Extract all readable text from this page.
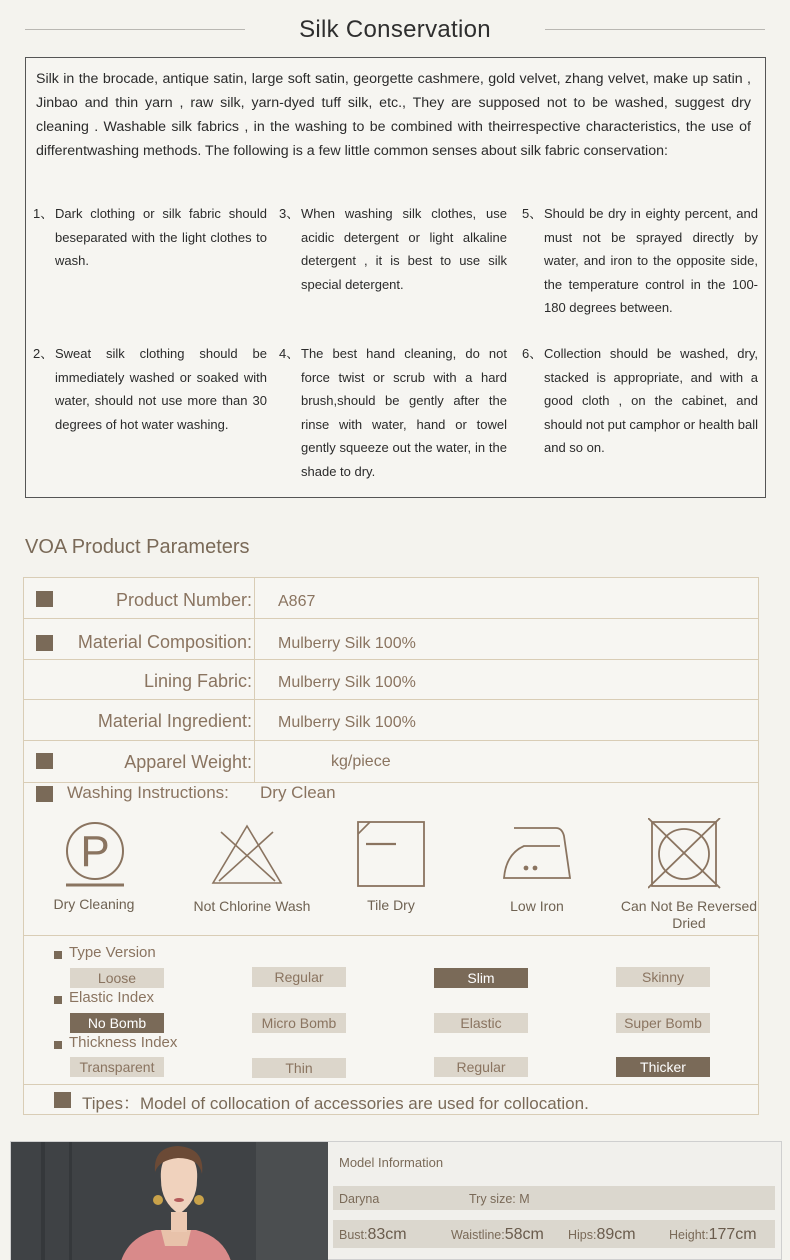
Silk Conservation

Silk in the brocade, antique satin, large soft satin, georgette cashmere, gold velvet, zhang velvet, make up satin , Jinbao and thin yarn , raw silk, yarn-dyed tuff silk, etc., They are supposed not to be washed, suggest dry cleaning . Washable silk fabrics , in the washing to be combined with theirrespective characteristics, the use of differentwashing methods. The following is a few little common senses about silk fabric conservation:

1、 Dark clothing or silk fabric should beseparated with the light clothes to wash.
2、 Sweat silk clothing should be immediately washed or soaked with water, should not use more than 30 degrees of hot water washing.
3、 When washing silk clothes, use acidic detergent or light alkaline detergent , it is best to use silk special detergent.
4、 The best hand cleaning, do not force twist or scrub with a hard brush,should be gently after the rinse with water, hand or towel gently squeeze out the water, in the shade to dry.
5、 Should be dry in eighty percent, and must not be sprayed directly by water, and iron to the opposite side, the temperature control in the 100-180 degrees between.
6、 Collection should be washed, dry, stacked is appropriate, and with a good cloth , on the cabinet, and should not put camphor or health ball and so on.
VOA Product Parameters
Product Number: A867
Material Composition: Mulberry Silk 100%
Lining Fabric: Mulberry Silk 100%
Material Ingredient: Mulberry Silk 100%
Apparel Weight:	kg/piece
Washing Instructions: Dry Clean
P
Dry Cleaning	Not Chlorine Wash	Tile Dry	Low Iron	Can Not Be Reversed Dried
Type Version
Loose	Regular	Slim	Skinny
Elastic Index
No Bomb	Micro Bomb	Elastic	Super Bomb
Thickness Index
Transparent	Thin	Regular	Thicker
Tipes：Model of collocation of accessories are used for collocation.
Model Information
Daryna	Try size: M
Bust:83cm	Waistline:58cm Hips:89cm	Height:177cm
